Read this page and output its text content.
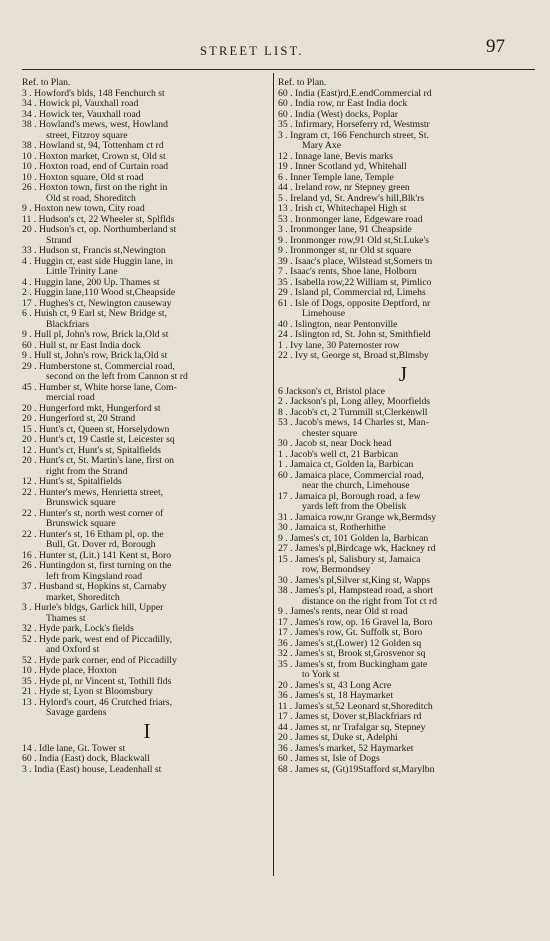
STREET LIST.	97
Ref. to Plan.
3 . Howford's blds, 148 Fenchurch st
34 . Howick pl, Vauxhall road
34 . Howick ter, Vauxhall road
38 . Howland's mews, west, Howland
street, Fitzroy square
38 . Howland st, 94, Tottenham ct rd
10 . Hoxton market, Crown st, Old st
10 . Hoxton road, end of Curtain road
10 . Hoxton square, Old st road
26 . Hoxton town, first on the right in
Old st road, Shoreditch
9 . Hoxton new town, City road
11 . Hudson's ct, 22 Wheeler st, Splflds
20 . Hudson's ct, op. Northumberland st
Strand
33 . Hudson st, Francis st,Newington
4 . Huggin ct, east side Huggin lane, in
Little Trinity Lane
4 . Huggin lane, 200 Up. Thames st
2 . Huggin lane,110 Wood st,Cheapside
17 . Hughes's ct, Newington causeway
6 . Huish ct, 9 Earl st, New Bridge st,
Blackfriars
9 . Hull pl, John's row, Brick la,Old st
60 . Hull st, nr East India dock
9 . Hull st, John's row, Brick la,Old st
29 . Humberstone st, Commercial road,
second on the left from Cannon st rd
45 . Humber st, White horse lane, Com-
mercial road
20 . Hungerford mkt, Hungerford st
20 . Hungerford st, 20 Strand
15 . Hunt's ct, Queen st, Horselydown
20 . Hunt's ct, 19 Castle st, Leicester sq
12 . Hunt's ct, Hunt's st, Spitalfields
20 . Hunt's ct, St. Martin's lane, first on
right from the Strand
12 . Hunt's st, Spitalfields
22 . Hunter's mews, Henrietta street,
Brunswick square
22 . Hunter's st, north west corner of
Brunswick square
22 . Hunter's st, 16 Etham pl, op. the
Bull, Gt. Dover rd, Borough
16 . Hunter st, (Lit.) 141 Kent st, Boro
26 . Huntingdon st, first turning on the
left from Kingsland road
37 . Husband st, Hopkins st, Carnaby
market, Shoreditch
3 . Hurle's bldgs, Garlick hill, Upper
Thames st
32 . Hyde park, Lock's fields
52 . Hyde park, west end of Piccadilly,
and Oxford st
52 . Hyde park corner, end of Piccadilly
10 . Hyde place, Hoxton
35 . Hyde pl, nr Vincent st, Tothill flds
21 . Hyde st, Lyon st Bloomsbury
13 . Hylord's court, 46 Crutched friars,
Savage gardens
I
14 . Idle lane, Gt. Tower st
60 . India (East) dock, Blackwall
3 . India (East) house, Leadenhall st
Ref. to Plan.
60 . India (East)rd,E.endCommercial rd
60 . India row, nr East India dock
60 . India (West) docks, Poplar
35 . Infirmary, Horseferry rd, Westmstr
3 . Ingram ct, 166 Fenchurch street, St.
Mary Axe
12 . Innage lane, Bevis marks
19 . Inner Scotland yd, Whitehall
6 . Inner Temple lane, Temple
44 . Ireland row, nr Stepney green
5 . Ireland yd, St. Andrew's hill,Blk'rs
13 . Irish ct, Whitechapel High st
53 . Ironmonger lane, Edgeware road
3 . Ironmonger lane, 91 Cheapside
9 . Ironmonger row,91 Old st,St.Luke's
9 . Ironmonger st, nr Old st square
39 . Isaac's place, Wilstead st,Somers tn
7 . Isaac's rents, Shoe lane, Holborn
35 . Isabella row,22 William st, Pimlico
29 . Island pl, Commercial rd, Limehs
61 . Isle of Dogs, opposite Deptford, nr
Limehouse
40 . Islington, near Pentonville
24 . Islington rd, St. John st, Smithfield
1 . Ivy lane, 30 Paternoster row
22 . Ivy st, George st, Broad st,Blmsby
J
6 Jackson's ct, Bristol place
2 . Jackson's pl, Long alley, Moorfields
8 . Jacob's ct, 2 Turnmill st,Clerkenwll
53 . Jacob's mews, 14 Charles st, Man-
chester square
30 . Jacob st, near Dock head
1 . Jacob's well ct, 21 Barbican
1 . Jamaica ct, Golden la, Barbican
60 . Jamaica place, Commercial road,
near the church, Limehouse
17 . Jamaica pl, Borough road, a few
yards left from the Obelisk
31 . Jamaica row,nr Grange wk,Bermdsy
30 . Jamaica st, Rotherhithe
9 . James's ct, 101 Golden la, Barbican
27 . James's pl,Birdcage wk, Hackney rd
15 . James's pl, Salisbury st, Jamaica
row, Bermondsey
30 . James's pl,Silver st,King st, Wapps
38 . James's pl, Hampstead road, a short
distance on the right from Tot ct rd
9 . James's rents, near Old st road
17 . James's row, op. 16 Gravel la, Boro
17 . James's row, Gt. Suffolk st, Boro
36 . James's st,(Lower) 12 Golden sq
32 . James's st, Brook st,Grosvenor sq
35 . James's st, from Buckingham gate
to York st
20 . James's st, 43 Long Acre
36 . James's st, 18 Haymarket
11 . James's st,52 Leonard st,Shoreditch
17 . James st, Dover st,Blackfriars rd
44 . James st, nr Trafalgar sq, Stepney
20 . James st, Duke st, Adelphi
36 . James's market, 52 Haymarket
60 . James st, Isle of Dogs
68 . James st, (Gt)19Stafford st,Marylbn
